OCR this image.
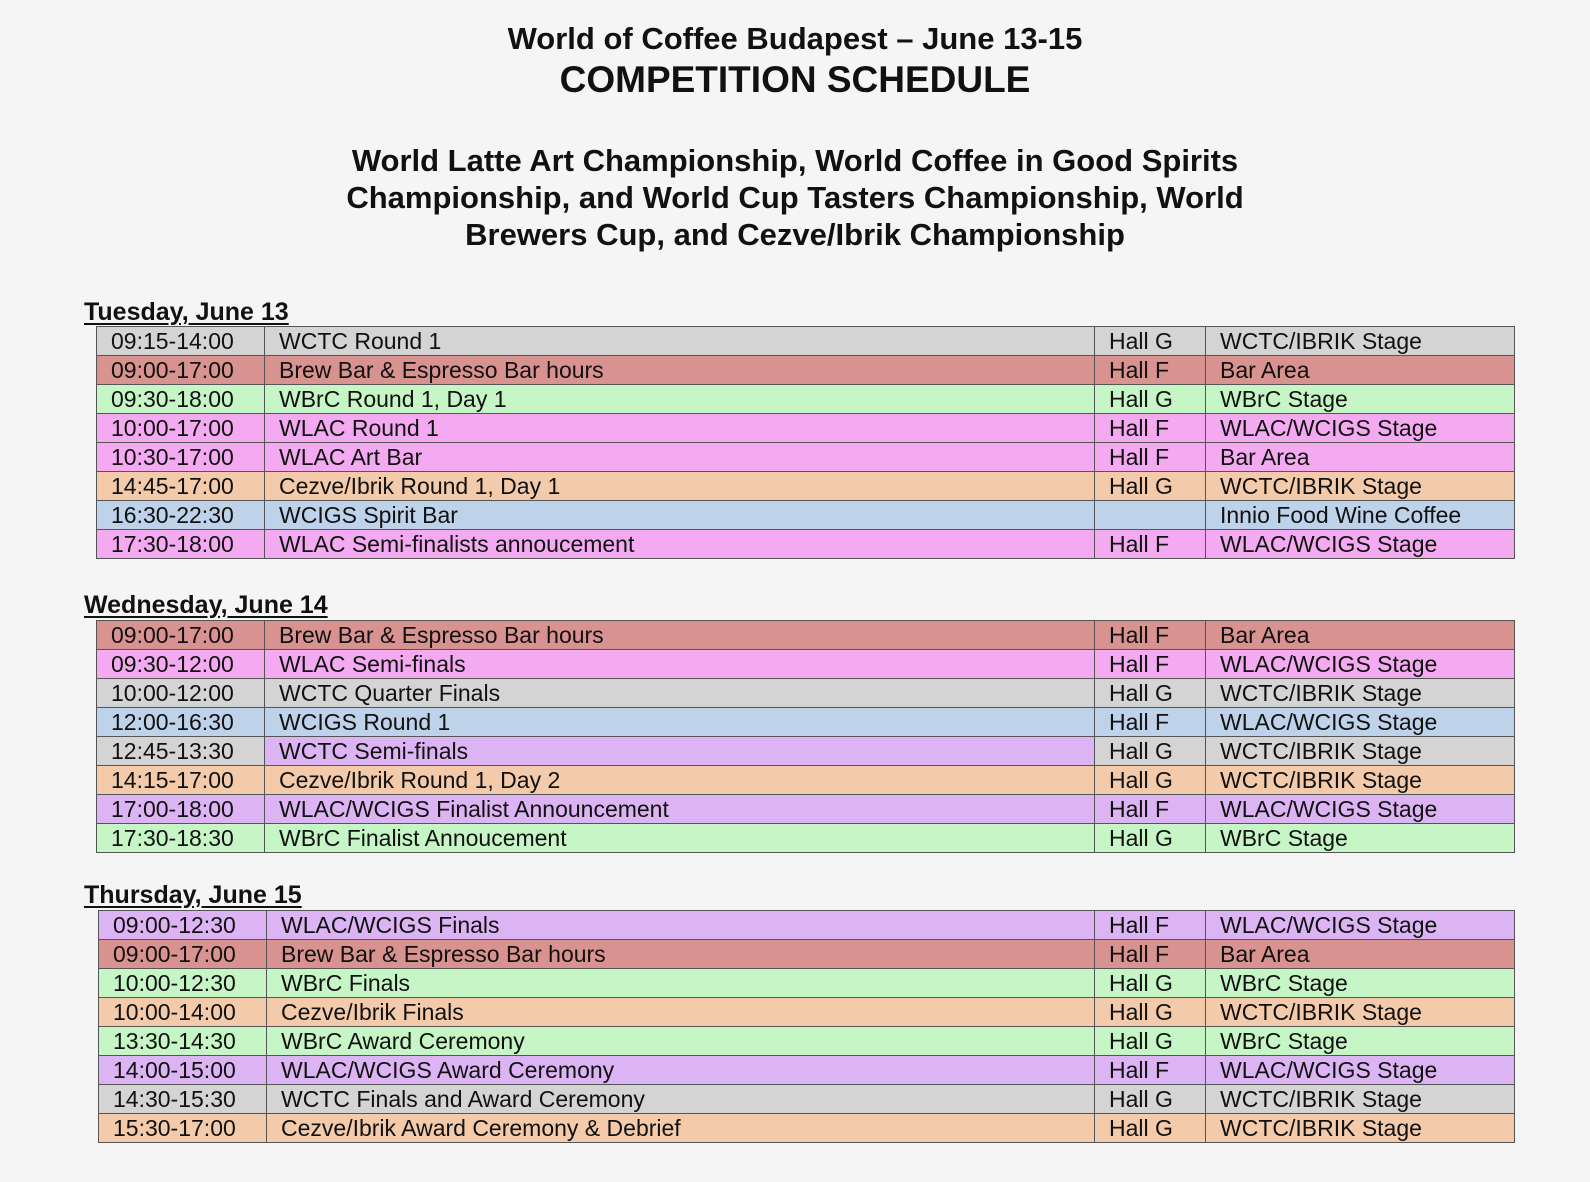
World of Coffee Budapest – June 13-15
COMPETITION SCHEDULE
World Latte Art Championship, World Coffee in Good Spirits
Championship, and World Cup Tasters Championship, World
Brewers Cup, and Cezve/Ibrik Championship
Tuesday, June 13
09:15-14:00	WCTC Round 1	Hall G	WCTC/IBRIK Stage
09:00-17:00	Brew Bar & Espresso Bar hours	Hall F	Bar Area
09:30-18:00	WBrC Round 1, Day 1	Hall G	WBrC Stage
10:00-17:00	WLAC Round 1	Hall F	WLAC/WCIGS Stage
10:30-17:00	WLAC Art Bar	Hall F	Bar Area
14:45-17:00	Cezve/Ibrik Round 1, Day 1	Hall G	WCTC/IBRIK Stage
16:30-22:30	WCIGS Spirit Bar		Innio Food Wine Coffee
17:30-18:00	WLAC Semi-finalists annoucement	Hall F	WLAC/WCIGS Stage
Wednesday, June 14
09:00-17:00	Brew Bar & Espresso Bar hours	Hall F	Bar Area
09:30-12:00	WLAC Semi-finals	Hall F	WLAC/WCIGS Stage
10:00-12:00	WCTC Quarter Finals	Hall G	WCTC/IBRIK Stage
12:00-16:30	WCIGS Round 1	Hall F	WLAC/WCIGS Stage
12:45-13:30	WCTC Semi-finals	Hall G	WCTC/IBRIK Stage
14:15-17:00	Cezve/Ibrik Round 1, Day 2	Hall G	WCTC/IBRIK Stage
17:00-18:00	WLAC/WCIGS Finalist Announcement	Hall F	WLAC/WCIGS Stage
17:30-18:30	WBrC Finalist Annoucement	Hall G	WBrC Stage
Thursday, June 15
09:00-12:30	WLAC/WCIGS Finals	Hall F	WLAC/WCIGS Stage
09:00-17:00	Brew Bar & Espresso Bar hours	Hall F	Bar Area
10:00-12:30	WBrC Finals	Hall G	WBrC Stage
10:00-14:00	Cezve/Ibrik Finals	Hall G	WCTC/IBRIK Stage
13:30-14:30	WBrC Award Ceremony	Hall G	WBrC Stage
14:00-15:00	WLAC/WCIGS Award Ceremony	Hall F	WLAC/WCIGS Stage
14:30-15:30	WCTC Finals and Award Ceremony	Hall G	WCTC/IBRIK Stage
15:30-17:00	Cezve/Ibrik Award Ceremony & Debrief	Hall G	WCTC/IBRIK Stage
